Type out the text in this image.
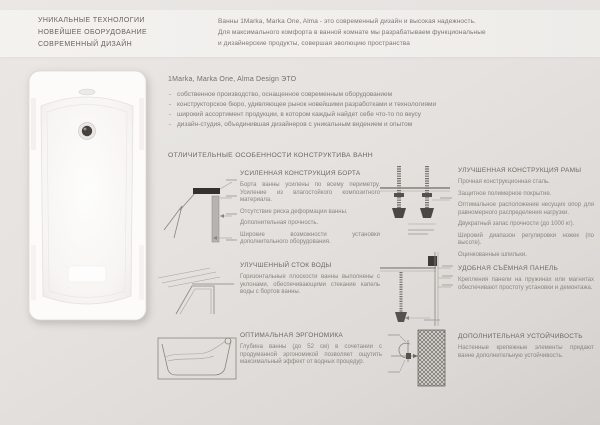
УНИКАЛЬНЫЕ ТЕХНОЛОГИИ
НОВЕЙШЕЕ ОБОРУДОВАНИЕ
СОВРЕМЕННЫЙ ДИЗАЙН
Ванны 1Marka, Marka One, Alma - это современный дизайн и высокая надежность.
Для максимального комфорта в ванной комнате мы разрабатываем функциональные
и дизайнерские продукты, совершая эволюцию пространства
1Marka, Marka One, Alma Design ЭТО
- собственное производство, оснащенное современным оборудованием
- конструкторское бюро, удивляющее рынок новейшими разработками и технологиями
- широкий ассортимент продукции, в котором каждый найдет себе что-то по вкусу
- дизайн-студия, объединившая дизайнеров с уникальным видением и опытом
ОТЛИЧИТЕЛЬНЫЕ ОСОБЕННОСТИ КОНСТРУКТИВА ВАНН
УСИЛЕННАЯ КОНСТРУКЦИЯ БОРТА

Борта ванны усилены по всему периметру. Усиление из влагостойкого композитного материала.

Отсутствие риска деформации ванны.

Дополнительная прочность.

Широкие возможности установки дополнительного оборудования.

УЛУЧШЕННЫЙ СТОК ВОДЫ

Горизонтальные плоскости ванны выполнены с уклонами, обеспечивающими стекание капель воды с бортов ванны.

ОПТИМАЛЬНАЯ ЭРГОНОМИКА

Глубина ванны (до 52 см) в сочетании с продуманной эргономикой позволяет ощутить максимальный эффект от водных процедур.

УЛУЧШЕННАЯ КОНСТРУКЦИЯ РАМЫ

Прочная конструкционная сталь.

Защитное полимерное покрытие.

Оптимальное расположение несущих опор для равномерного распределения нагрузки.

Двукратный запас прочности (до 1000 кг).

Широкий диапазон регулировки ножек (по высоте).

Оцинкованные шпильки.

УДОБНАЯ СЪЁМНАЯ ПАНЕЛЬ

Крепления панели на пружинах или магнитах обеспечивают простоту установки и демонтажа.

ДОПОЛНИТЕЛЬНАЯ УСТОЙЧИВОСТЬ

Настенные крепежные элементы придают ванне дополнительную устойчивость.
